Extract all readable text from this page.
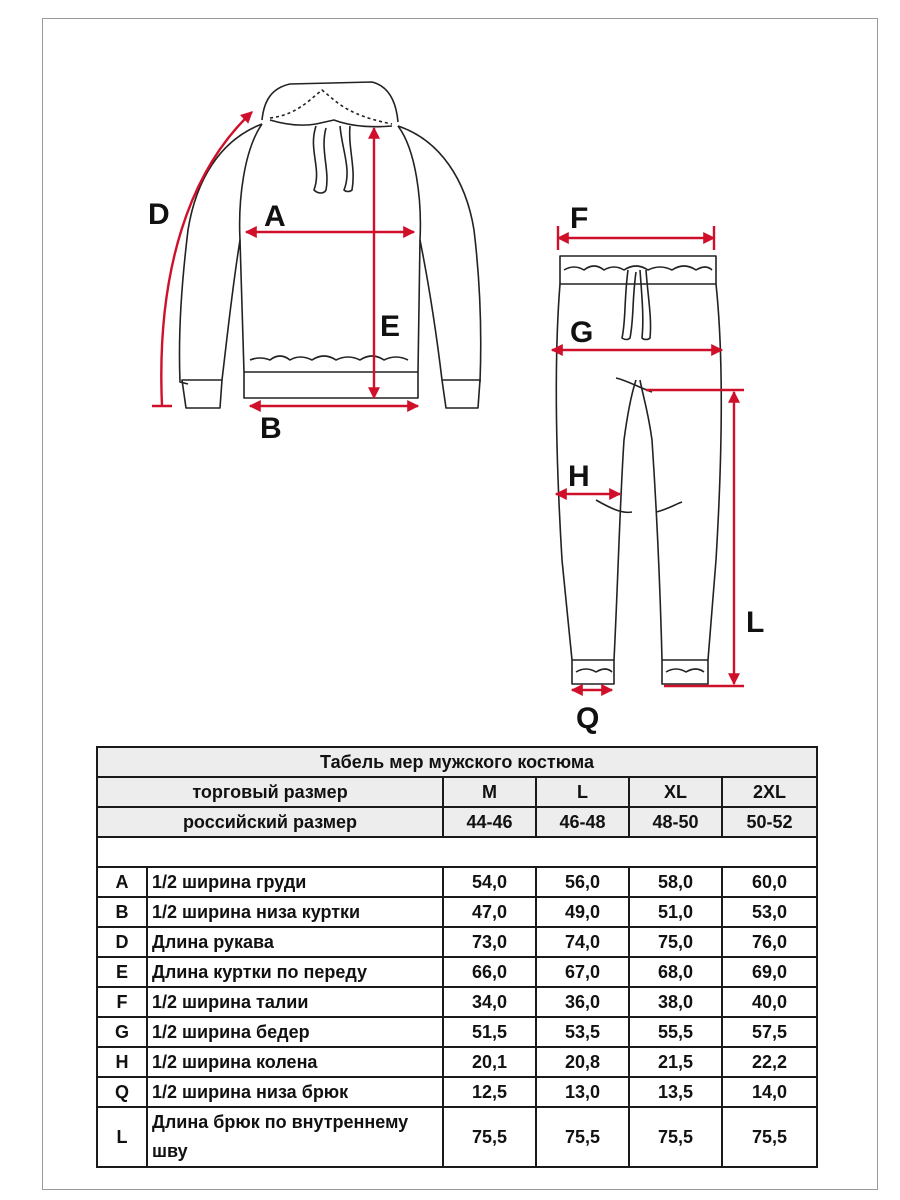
A
B
D
E
F
G
H
L
Q
Табель мер мужского костюма					
торговый размер		M	L	XL	2XL
российский размер		44-46	46-48	48-50	50-52

A	1/2 ширина груди	54,0	56,0	58,0	60,0
B	1/2 ширина низа куртки	47,0	49,0	51,0	53,0
D	Длина рукава	73,0	74,0	75,0	76,0
E	Длина куртки по переду	66,0	67,0	68,0	69,0
F	1/2 ширина талии	34,0	36,0	38,0	40,0
G	1/2 ширина бедер	51,5	53,5	55,5	57,5
H	1/2 ширина колена	20,1	20,8	21,5	22,2
Q	1/2 ширина низа брюк	12,5	13,0	13,5	14,0
L	Длина брюк по внутреннему шву	75,5	75,5	75,5	75,5
